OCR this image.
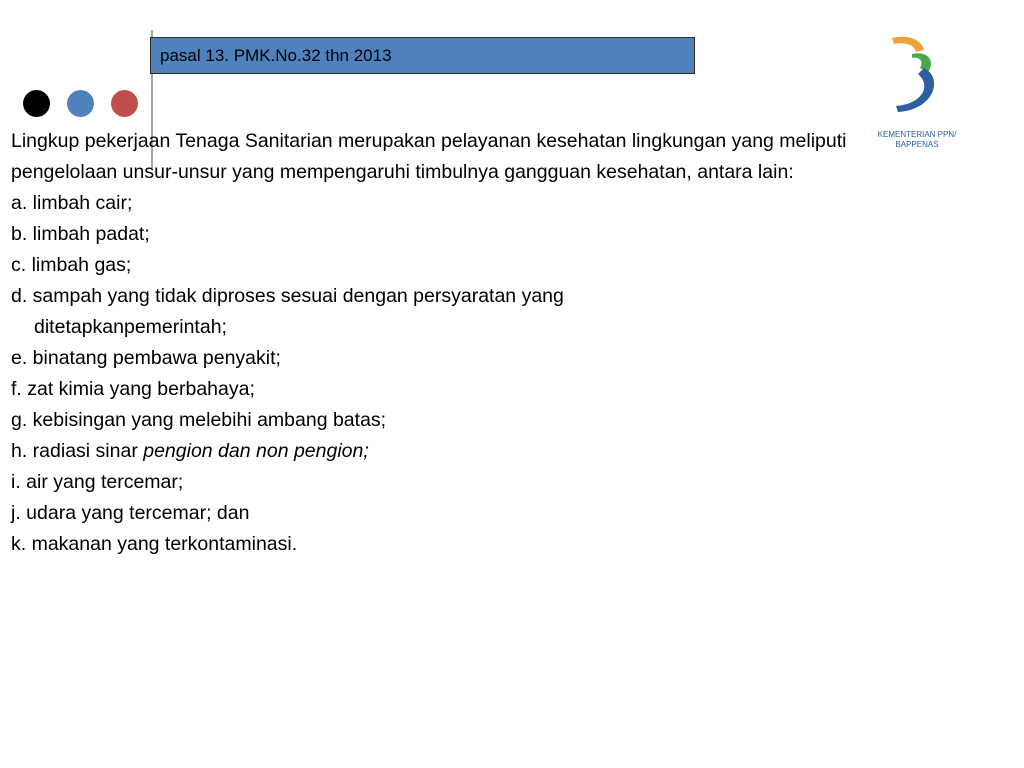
pasal 13. PMK.No.32 thn 2013
KEMENTERIAN PPN/
BAPPENAS

Lingkup pekerjaan Tenaga Sanitarian merupakan pelayanan kesehatan lingkungan yang meliputi

pengelolaan unsur-unsur yang mempengaruhi timbulnya gangguan kesehatan, antara lain:

a. limbah cair;

b. limbah padat;

c. limbah gas;

d. sampah yang tidak diproses sesuai dengan persyaratan yang

ditetapkanpemerintah;

e. binatang pembawa penyakit;

f. zat kimia yang berbahaya;

g. kebisingan yang melebihi ambang batas;

h. radiasi sinar pengion dan non pengion;

i. air yang tercemar;

j. udara yang tercemar; dan

k. makanan yang terkontaminasi.
